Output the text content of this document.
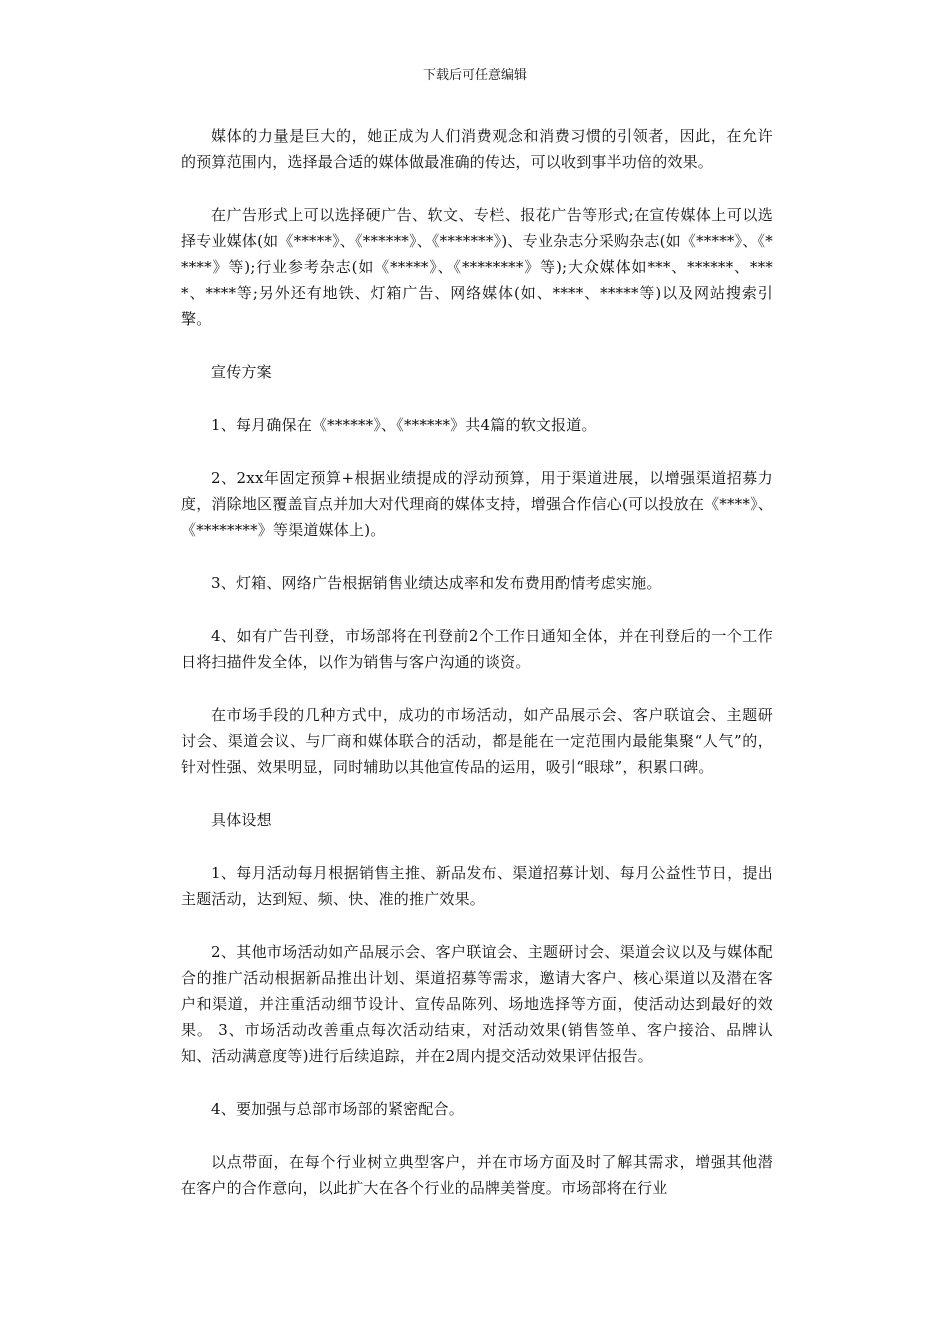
下载后可任意编辑

媒体的力量是巨大的，她正成为人们消费观念和消费习惯的引领者，因此，在允许的预算范围内，选择最合适的媒体做最准确的传达，可以收到事半功倍的效果。

在广告形式上可以选择硬广告、软文、专栏、报花广告等形式;在宣传媒体上可以选择专业媒体(如《*****》、《******》、《*******》)、专业杂志分采购杂志(如《*****》、《*****》等);行业参考杂志(如《*****》、《********》等);大众媒体如***、******、****、****等;另外还有地铁、灯箱广告、网络媒体(如、****、*****等)以及网站搜索引擎。

宣传方案

1、每月确保在《******》、《******》共4篇的软文报道。

2、2xx年固定预算+根据业绩提成的浮动预算，用于渠道进展，以增强渠道招募力度，消除地区覆盖盲点并加大对代理商的媒体支持，增强合作信心(可以投放在《****》、《********》等渠道媒体上)。

3、灯箱、网络广告根据销售业绩达成率和发布费用酌情考虑实施。

4、如有广告刊登，市场部将在刊登前2个工作日通知全体，并在刊登后的一个工作日将扫描件发全体，以作为销售与客户沟通的谈资。

在市场手段的几种方式中，成功的市场活动，如产品展示会、客户联谊会、主题研讨会、渠道会议、与厂商和媒体联合的活动，都是能在一定范围内最能集聚“人气”的，针对性强、效果明显，同时辅助以其他宣传品的运用，吸引“眼球”，积累口碑。

具体设想

1、每月活动每月根据销售主推、新品发布、渠道招募计划、每月公益性节日，提出主题活动，达到短、频、快、准的推广效果。

2、其他市场活动如产品展示会、客户联谊会、主题研讨会、渠道会议以及与媒体配合的推广活动根据新品推出计划、渠道招募等需求，邀请大客户、核心渠道以及潜在客户和渠道，并注重活动细节设计、宣传品陈列、场地选择等方面，使活动达到最好的效果。 3、市场活动改善重点每次活动结束，对活动效果(销售签单、客户接洽、品牌认知、活动满意度等)进行后续追踪，并在2周内提交活动效果评估报告。

4、要加强与总部市场部的紧密配合。

以点带面，在每个行业树立典型客户，并在市场方面及时了解其需求，增强其他潜在客户的合作意向，以此扩大在各个行业的品牌美誉度。市场部将在行业
